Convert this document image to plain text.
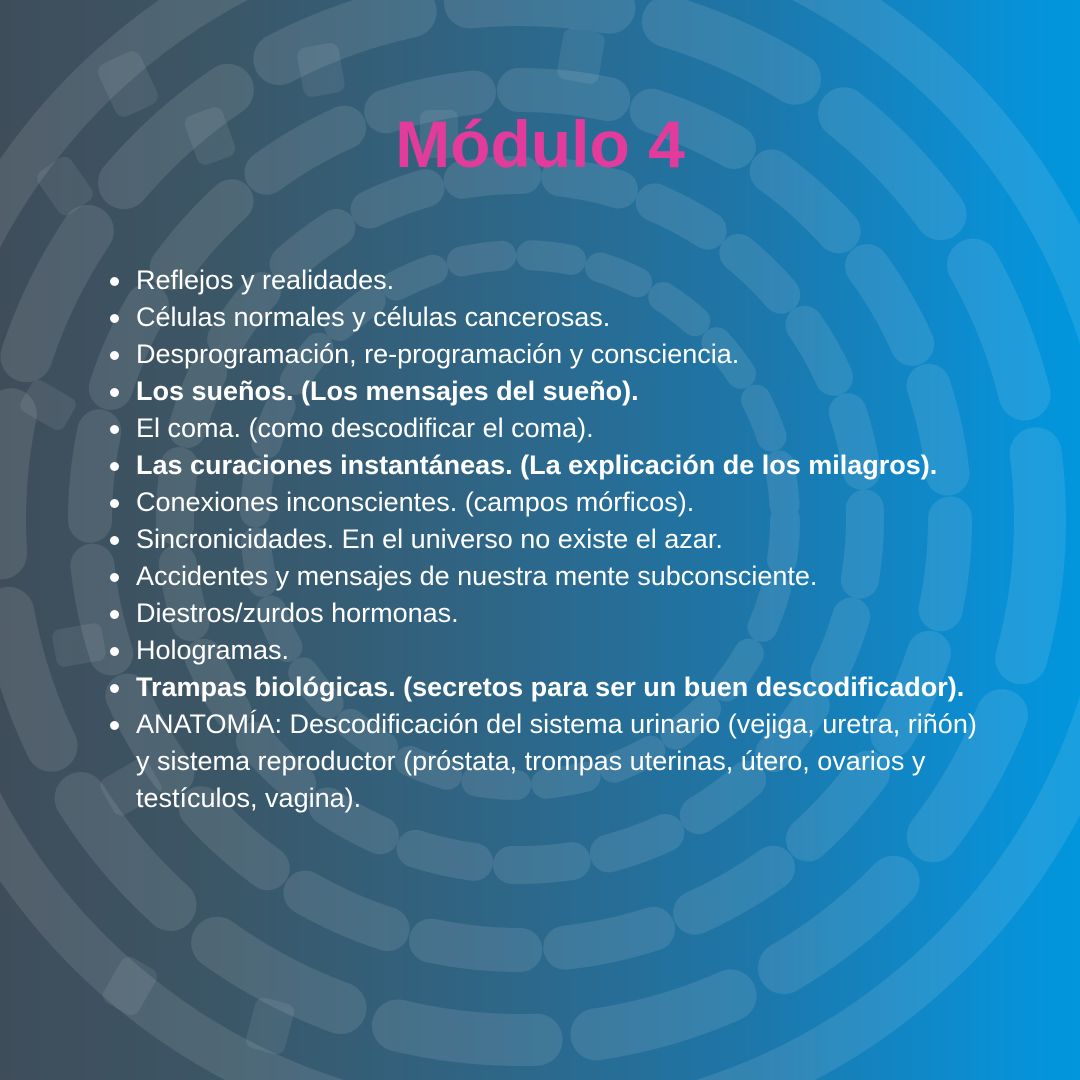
Módulo 4
Reflejos y realidades.
Células normales y células cancerosas.
Desprogramación, re-programación y consciencia.
Los sueños. (Los mensajes del sueño).
El coma. (como descodificar el coma).
Las curaciones instantáneas. (La explicación de los milagros).
Conexiones inconscientes. (campos mórficos).
Sincronicidades. En el universo no existe el azar.
Accidentes y mensajes de nuestra mente subconsciente.
Diestros/zurdos hormonas.
Hologramas.
Trampas biológicas. (secretos para ser un buen descodificador).
ANATOMÍA: Descodificación del sistema urinario (vejiga, uretra, riñón) y sistema reproductor (próstata, trompas uterinas, útero, ovarios y testículos, vagina).
